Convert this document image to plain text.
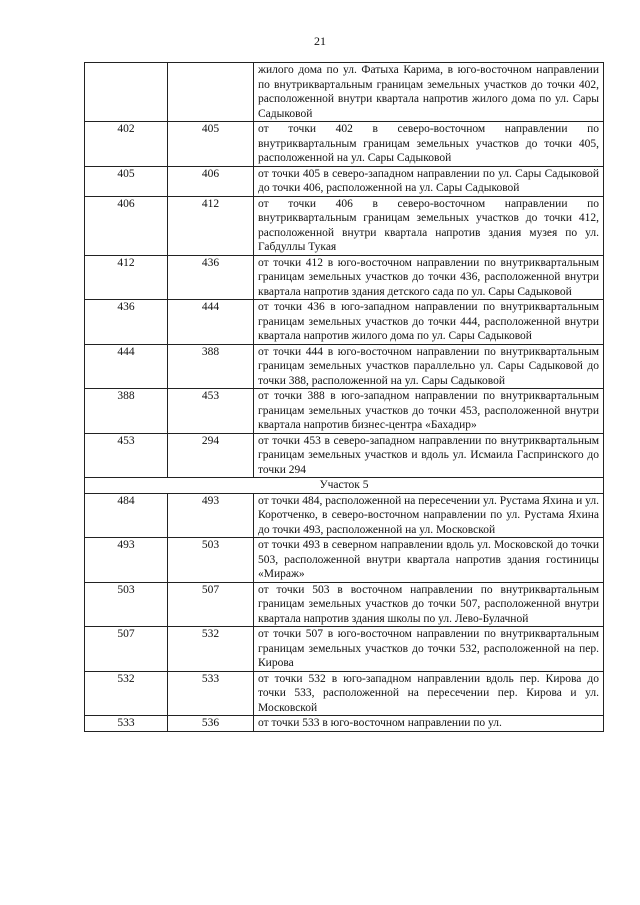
21
		жилого дома по ул. Фатыха Карима, в юго-восточном направлении по внутриквартальным границам земельных участков до точки 402, расположенной внутри квартала напротив жилого дома по ул. Сары Садыковой
402	405	от точки 402 в северо-восточном направлении по внутриквартальным границам земельных участков до точки 405, расположенной на ул. Сары Садыковой
405	406	от точки 405 в северо-западном направлении по ул. Сары Садыковой до точки 406, расположенной на ул. Сары Садыковой
406	412	от точки 406 в северо-восточном направлении по внутриквартальным границам земельных участков до точки 412, расположенной внутри квартала напротив здания музея по ул. Габдуллы Тукая
412	436	от точки 412 в юго-восточном направлении по внутриквартальным границам земельных участков до точки 436, расположенной внутри квартала напротив здания детского сада по ул. Сары Садыковой
436	444	от точки 436 в юго-западном направлении по внутриквартальным границам земельных участков до точки 444, расположенной внутри квартала напротив жилого дома по ул. Сары Садыковой
444	388	от точки 444 в юго-восточном направлении по внутриквартальным границам земельных участков параллельно ул. Сары Садыковой до точки 388, расположенной на ул. Сары Садыковой
388	453	от точки 388 в юго-западном направлении по внутриквартальным границам земельных участков до точки 453, расположенной внутри квартала напротив бизнес-центра «Бахадир»
453	294	от точки 453 в северо-западном направлении по внутриквартальным границам земельных участков и вдоль ул. Исмаила Гаспринского до точки 294
Участок 5		
484	493	от точки 484, расположенной на пересечении ул. Рустама Яхина и ул. Коротченко, в северо-восточном направлении по ул. Рустама Яхина до точки 493, расположенной на ул. Московской
493	503	от точки 493 в северном направлении вдоль ул. Московской до точки 503, расположенной внутри квартала напротив здания гостиницы «Мираж»
503	507	от точки 503 в восточном направлении по внутриквартальным границам земельных участков до точки 507, расположенной внутри квартала напротив здания школы по ул. Лево-Булачной
507	532	от точки 507 в юго-восточном направлении по внутриквартальным границам земельных участков до точки 532, расположенной на пер. Кирова
532	533	от точки 532 в юго-западном направлении вдоль пер. Кирова до точки 533, расположенной на пересечении пер. Кирова и ул. Московской
533	536	от точки 533 в юго-восточном направлении по ул.
